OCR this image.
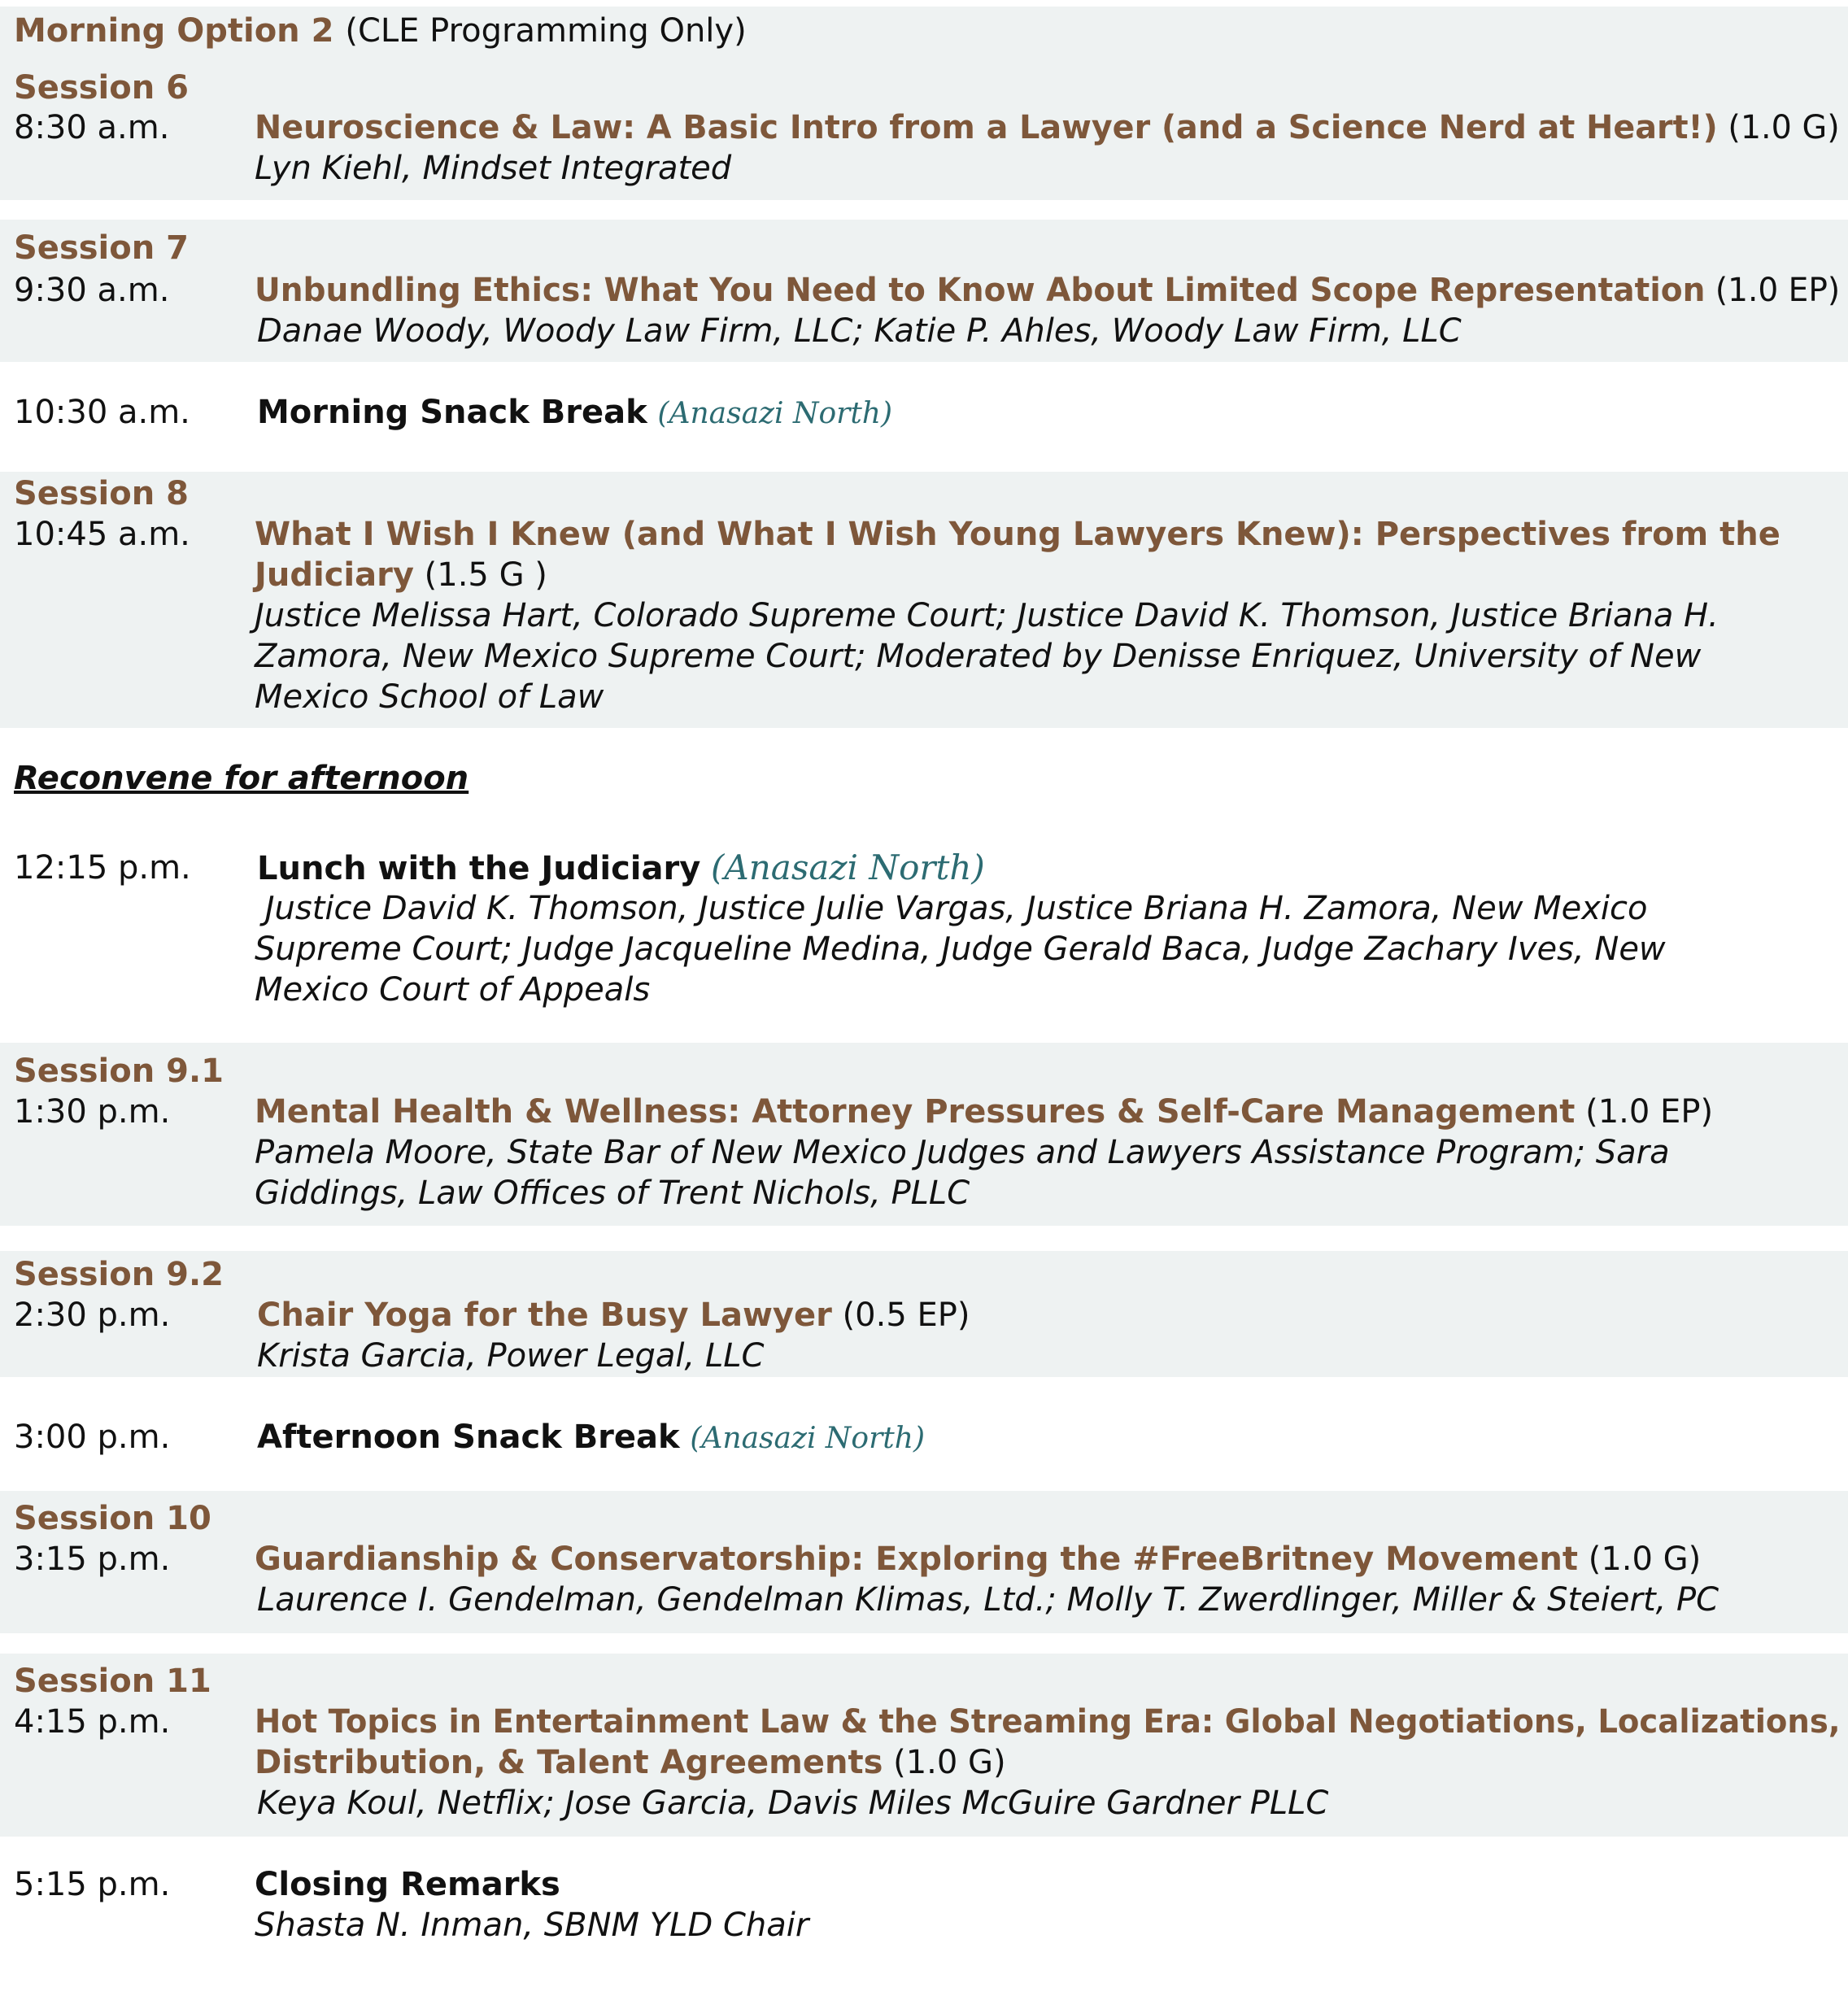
Morning Option 2 (CLE Programming Only)
Session 6
8:30 a.m.	Neuroscience & Law: A Basic Intro from a Lawyer (and a Science Nerd at Heart!) (1.0 G)
Lyn Kiehl, Mindset Integrated
Session 7
9:30 a.m.	Unbundling Ethics: What You Need to Know About Limited Scope Representation (1.0 EP)
Danae Woody, Woody Law Firm, LLC; Katie P. Ahles, Woody Law Firm, LLC
10:30 a.m. Morning Snack Break (Anasazi North)
Session 8
10:45 a.m. What I Wish I Knew (and What I Wish Young Lawyers Knew): Perspectives from the
Judiciary (1.5 G )
Justice Melissa Hart, Colorado Supreme Court; Justice David K. Thomson, Justice Briana H.
Zamora, New Mexico Supreme Court; Moderated by Denisse Enriquez, University of New
Mexico School of Law
Reconvene for afternoon
12:15 p.m. Lunch with the Judiciary (Anasazi North)
Justice David K. Thomson, Justice Julie Vargas, Justice Briana H. Zamora, New Mexico
Supreme Court; Judge Jacqueline Medina, Judge Gerald Baca, Judge Zachary Ives, New
Mexico Court of Appeals
Session 9.1
1:30 p.m.	Mental Health & Wellness: Attorney Pressures & Self-Care Management (1.0 EP)
Pamela Moore, State Bar of New Mexico Judges and Lawyers Assistance Program; Sara
Giddings, Law Offices of Trent Nichols, PLLC
Session 9.2
2:30 p.m.	Chair Yoga for the Busy Lawyer (0.5 EP)
Krista Garcia, Power Legal, LLC
3:00 p.m.	Afternoon Snack Break (Anasazi North)
Session 10
3:15 p.m.	Guardianship & Conservatorship: Exploring the #FreeBritney Movement (1.0 G)
Laurence I. Gendelman, Gendelman Klimas, Ltd.; Molly T. Zwerdlinger, Miller & Steiert, PC
Session 11
4:15 p.m.	Hot Topics in Entertainment Law & the Streaming Era: Global Negotiations, Localizations,
Distribution, & Talent Agreements (1.0 G)
Keya Koul, Netflix; Jose Garcia, Davis Miles McGuire Gardner PLLC
5:15 p.m.	Closing Remarks
Shasta N. Inman, SBNM YLD Chair
